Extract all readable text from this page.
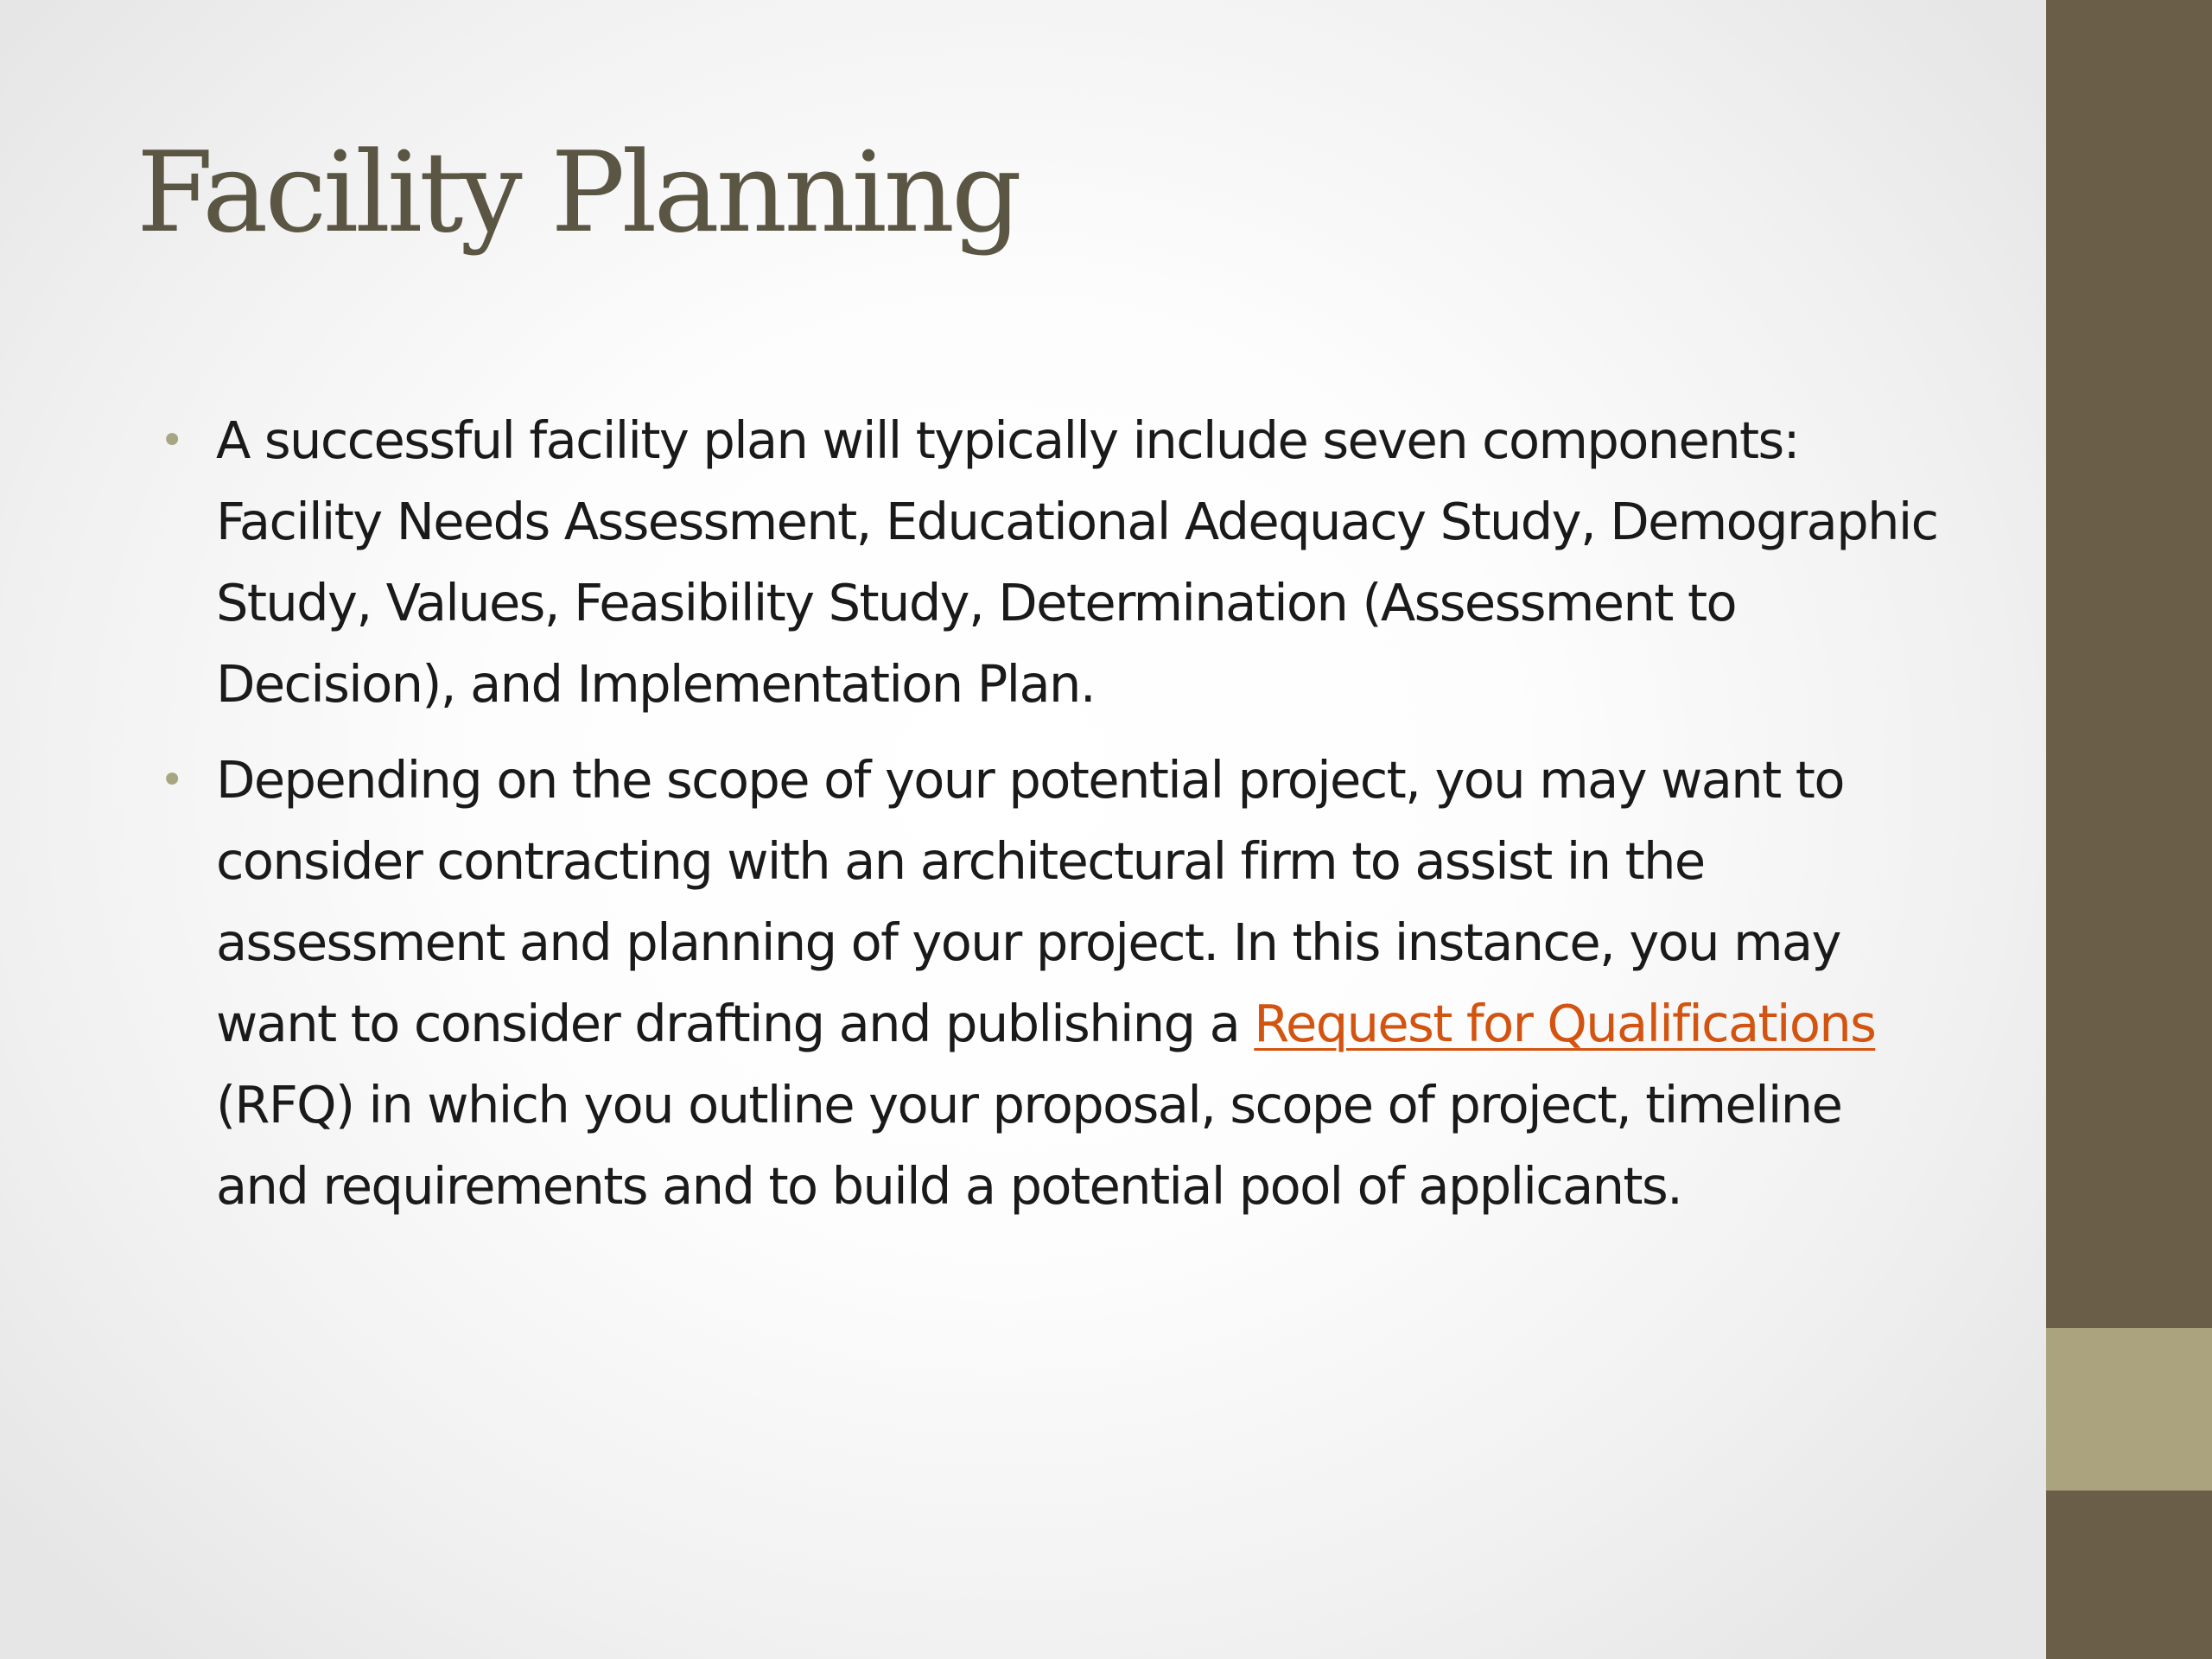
Facility Planning
• A successful facility plan will typically include seven components: Facility Needs Assessment, Educational Adequacy Study, Demographic Study, Values, Feasibility Study, Determination (Assessment to Decision), and Implementation Plan.
• Depending on the scope of your potential project, you may want to consider contracting with an architectural firm to assist in the assessment and planning of your project. In this instance, you may want to consider drafting and publishing a Request for Qualifications (RFQ) in which you outline your proposal, scope of project, timeline and requirements and to build a potential pool of applicants.
